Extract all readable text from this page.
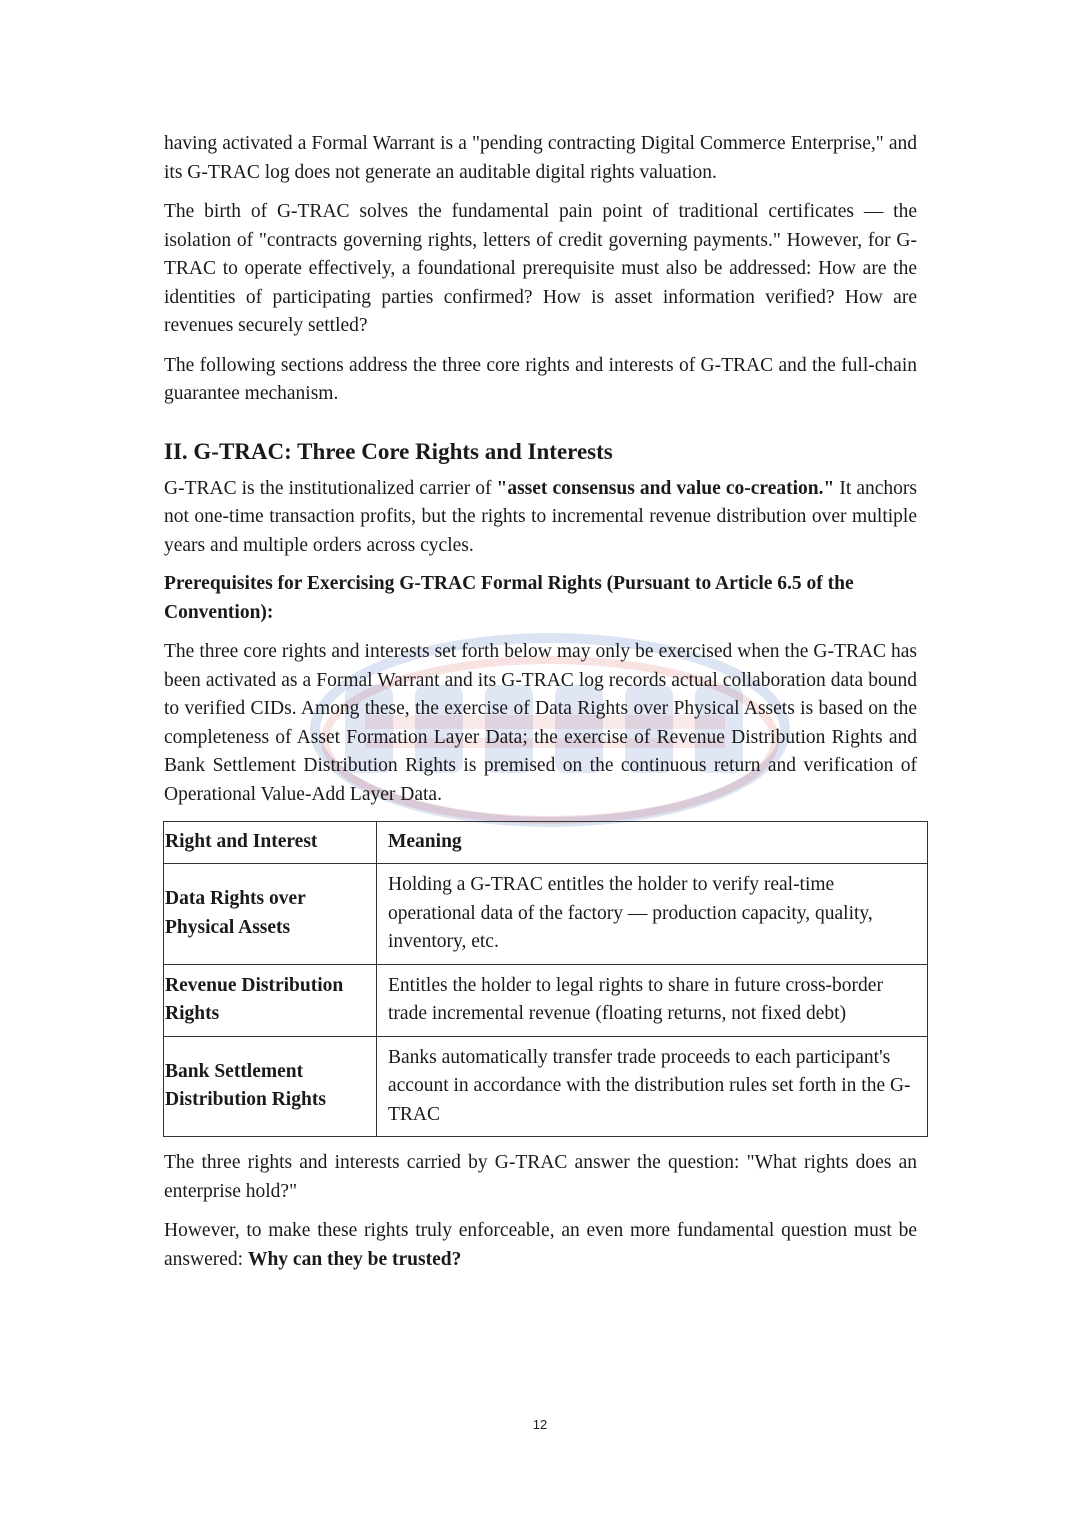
having activated a Formal Warrant is a "pending contracting Digital Commerce Enterprise," and its G-TRAC log does not generate an auditable digital rights valuation.

The birth of G-TRAC solves the fundamental pain point of traditional certificates — the isolation of "contracts governing rights, letters of credit governing payments." However, for G-TRAC to operate effectively, a foundational prerequisite must also be addressed: How are the identities of participating parties confirmed? How is asset information verified? How are revenues securely settled?

The following sections address the three core rights and interests of G-TRAC and the full-chain guarantee mechanism.

II. G-TRAC: Three Core Rights and Interests

G-TRAC is the institutionalized carrier of "asset consensus and value co-creation." It anchors not one-time transaction profits, but the rights to incremental revenue distribution over multiple years and multiple orders across cycles.

Prerequisites for Exercising G-TRAC Formal Rights (Pursuant to Article 6.5 of the Convention):

The three core rights and interests set forth below may only be exercised when the G-TRAC has been activated as a Formal Warrant and its G-TRAC log records actual collaboration data bound to verified CIDs. Among these, the exercise of Data Rights over Physical Assets is based on the completeness of Asset Formation Layer Data; the exercise of Revenue Distribution Rights and Bank Settlement Distribution Rights is premised on the continuous return and verification of Operational Value-Add Layer Data.

Right and Interest	Meaning
Data Rights over Physical Assets	Holding a G-TRAC entitles the holder to verify real-time operational data of the factory — production capacity, quality, inventory, etc.
Revenue Distribution Rights	Entitles the holder to legal rights to share in future cross-border trade incremental revenue (floating returns, not fixed debt)
Bank Settlement Distribution Rights	Banks automatically transfer trade proceeds to each participant's account in accordance with the distribution rules set forth in the G-TRAC

The three rights and interests carried by G-TRAC answer the question: "What rights does an enterprise hold?"

However, to make these rights truly enforceable, an even more fundamental question must be answered: Why can they be trusted?

12
